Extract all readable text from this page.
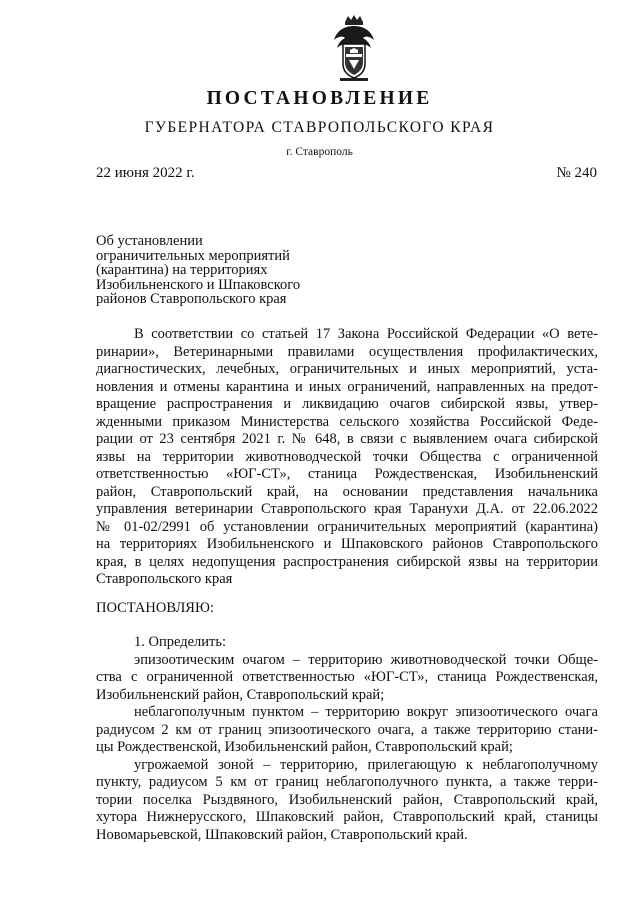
ПОСТАНОВЛЕНИЕ
ГУБЕРНАТОРА СТАВРОПОЛЬСКОГО КРАЯ
г. Ставрополь
22 июня 2022 г.	№ 240
Об установлении
ограничительных мероприятий
(карантина) на территориях
Изобильненского и Шпаковского
районов Ставропольского края
В соответствии со статьей 17 Закона Российской Федерации «О вете-
ринарии», Ветеринарными правилами осуществления профилактических,
диагностических, лечебных, ограничительных и иных мероприятий, уста-
новления и отмены карантина и иных ограничений, направленных на предот-
вращение распространения и ликвидацию очагов сибирской язвы, утвер-
жденными приказом Министерства сельского хозяйства Российской Феде-
рации от 23 сентября 2021 г. № 648, в связи с выявлением очага сибирской
язвы на территории животноводческой точки Общества с ограниченной
ответственностью «ЮГ-СТ», станица Рождественская, Изобильненский
район, Ставропольский край, на основании представления начальника
управления ветеринарии Ставропольского края Таранухи Д.А. от 22.06.2022
№ 01-02/2991 об установлении ограничительных мероприятий (карантина)
на территориях Изобильненского и Шпаковского районов Ставропольского
края, в целях недопущения распространения сибирской язвы на территории
Ставропольского края
ПОСТАНОВЛЯЮ:
1. Определить:
эпизоотическим очагом – территорию животноводческой точки Обще-
ства с ограниченной ответственностью «ЮГ-СТ», станица Рождественская,
Изобильненский район, Ставропольский край;
неблагополучным пунктом – территорию вокруг эпизоотического очага
радиусом 2 км от границ эпизоотического очага, а также территорию стани-
цы Рождественской, Изобильненский район, Ставропольский край;
угрожаемой зоной – территорию, прилегающую к неблагополучному
пункту, радиусом 5 км от границ неблагополучного пункта, а также терри-
тории поселка Рыздвяного, Изобильненский район, Ставропольский край,
хутора Нижнерусского, Шпаковский район, Ставропольский край, станицы
Новомарьевской, Шпаковский район, Ставропольский край.
